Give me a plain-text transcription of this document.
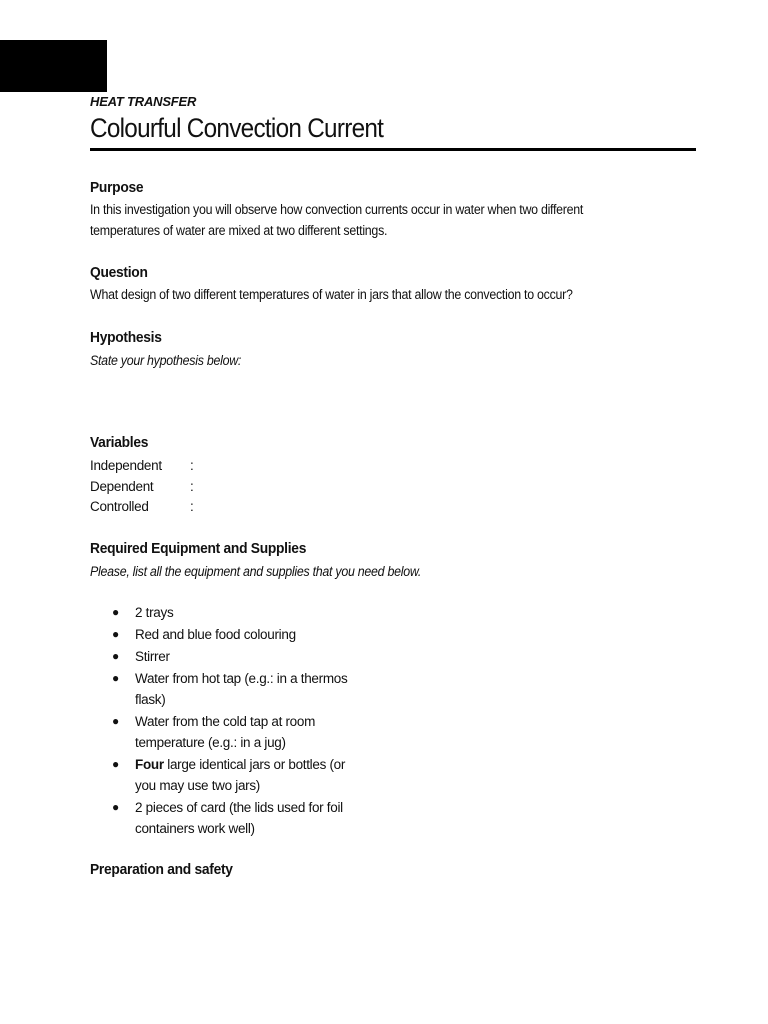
HEAT TRANSFER
Colourful Convection Current
Purpose
In this investigation you will observe how convection currents occur in water when two different temperatures of water are mixed at two different settings.
Question
What design of two different temperatures of water in jars that allow the convection to occur?
Hypothesis
State your hypothesis below:
Variables
Independent :
Dependent	:
Controlled	:
Required Equipment and Supplies
Please, list all the equipment and supplies that you need below.
● 2 trays
● Red and blue food colouring
● Stirrer
● Water from hot tap (e.g.: in a thermos flask)
● Water from the cold tap at room temperature (e.g.: in a jug)
● Four large identical jars or bottles (or you may use two jars)
● 2 pieces of card (the lids used for foil containers work well)
Preparation and safety
